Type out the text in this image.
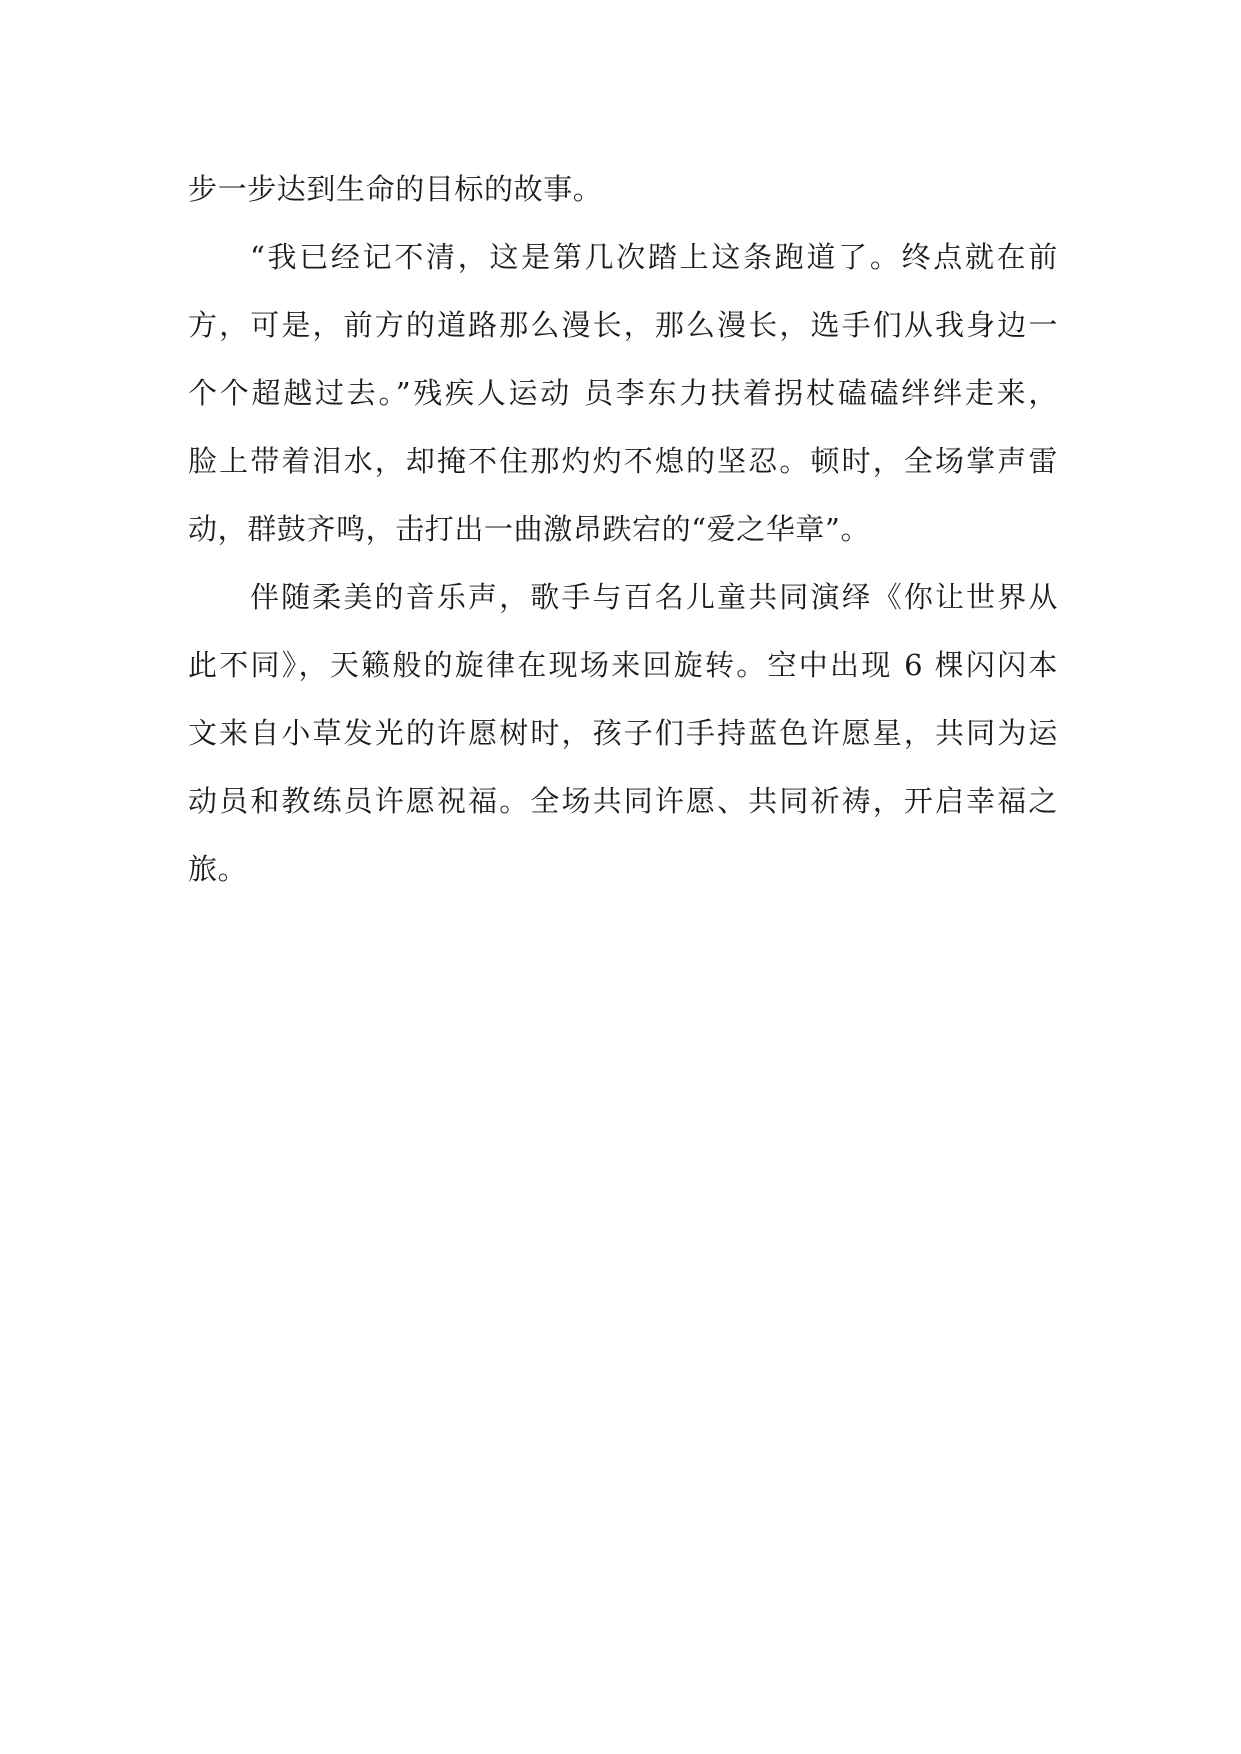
步一步达到生命的目标的故事。
“我已经记不清，这是第几次踏上这条跑道了。终点就在前
方，可是，前方的道路那么漫长，那么漫长，选手们从我身边一
个个超越过去。”残疾人运动 员李东力扶着拐杖磕磕绊绊走来，
脸上带着泪水，却掩不住那灼灼不熄的坚忍。顿时，全场掌声雷
动，群鼓齐鸣，击打出一曲激昂跌宕的“爱之华章”。
伴随柔美的音乐声，歌手与百名儿童共同演绎《你让世界从
此不同》，天籁般的旋律在现场来回旋转。空中出现 6 棵闪闪本
文来自小草发光的许愿树时，孩子们手持蓝色许愿星，共同为运
动员和教练员许愿祝福。全场共同许愿、共同祈祷，开启幸福之
旅。
